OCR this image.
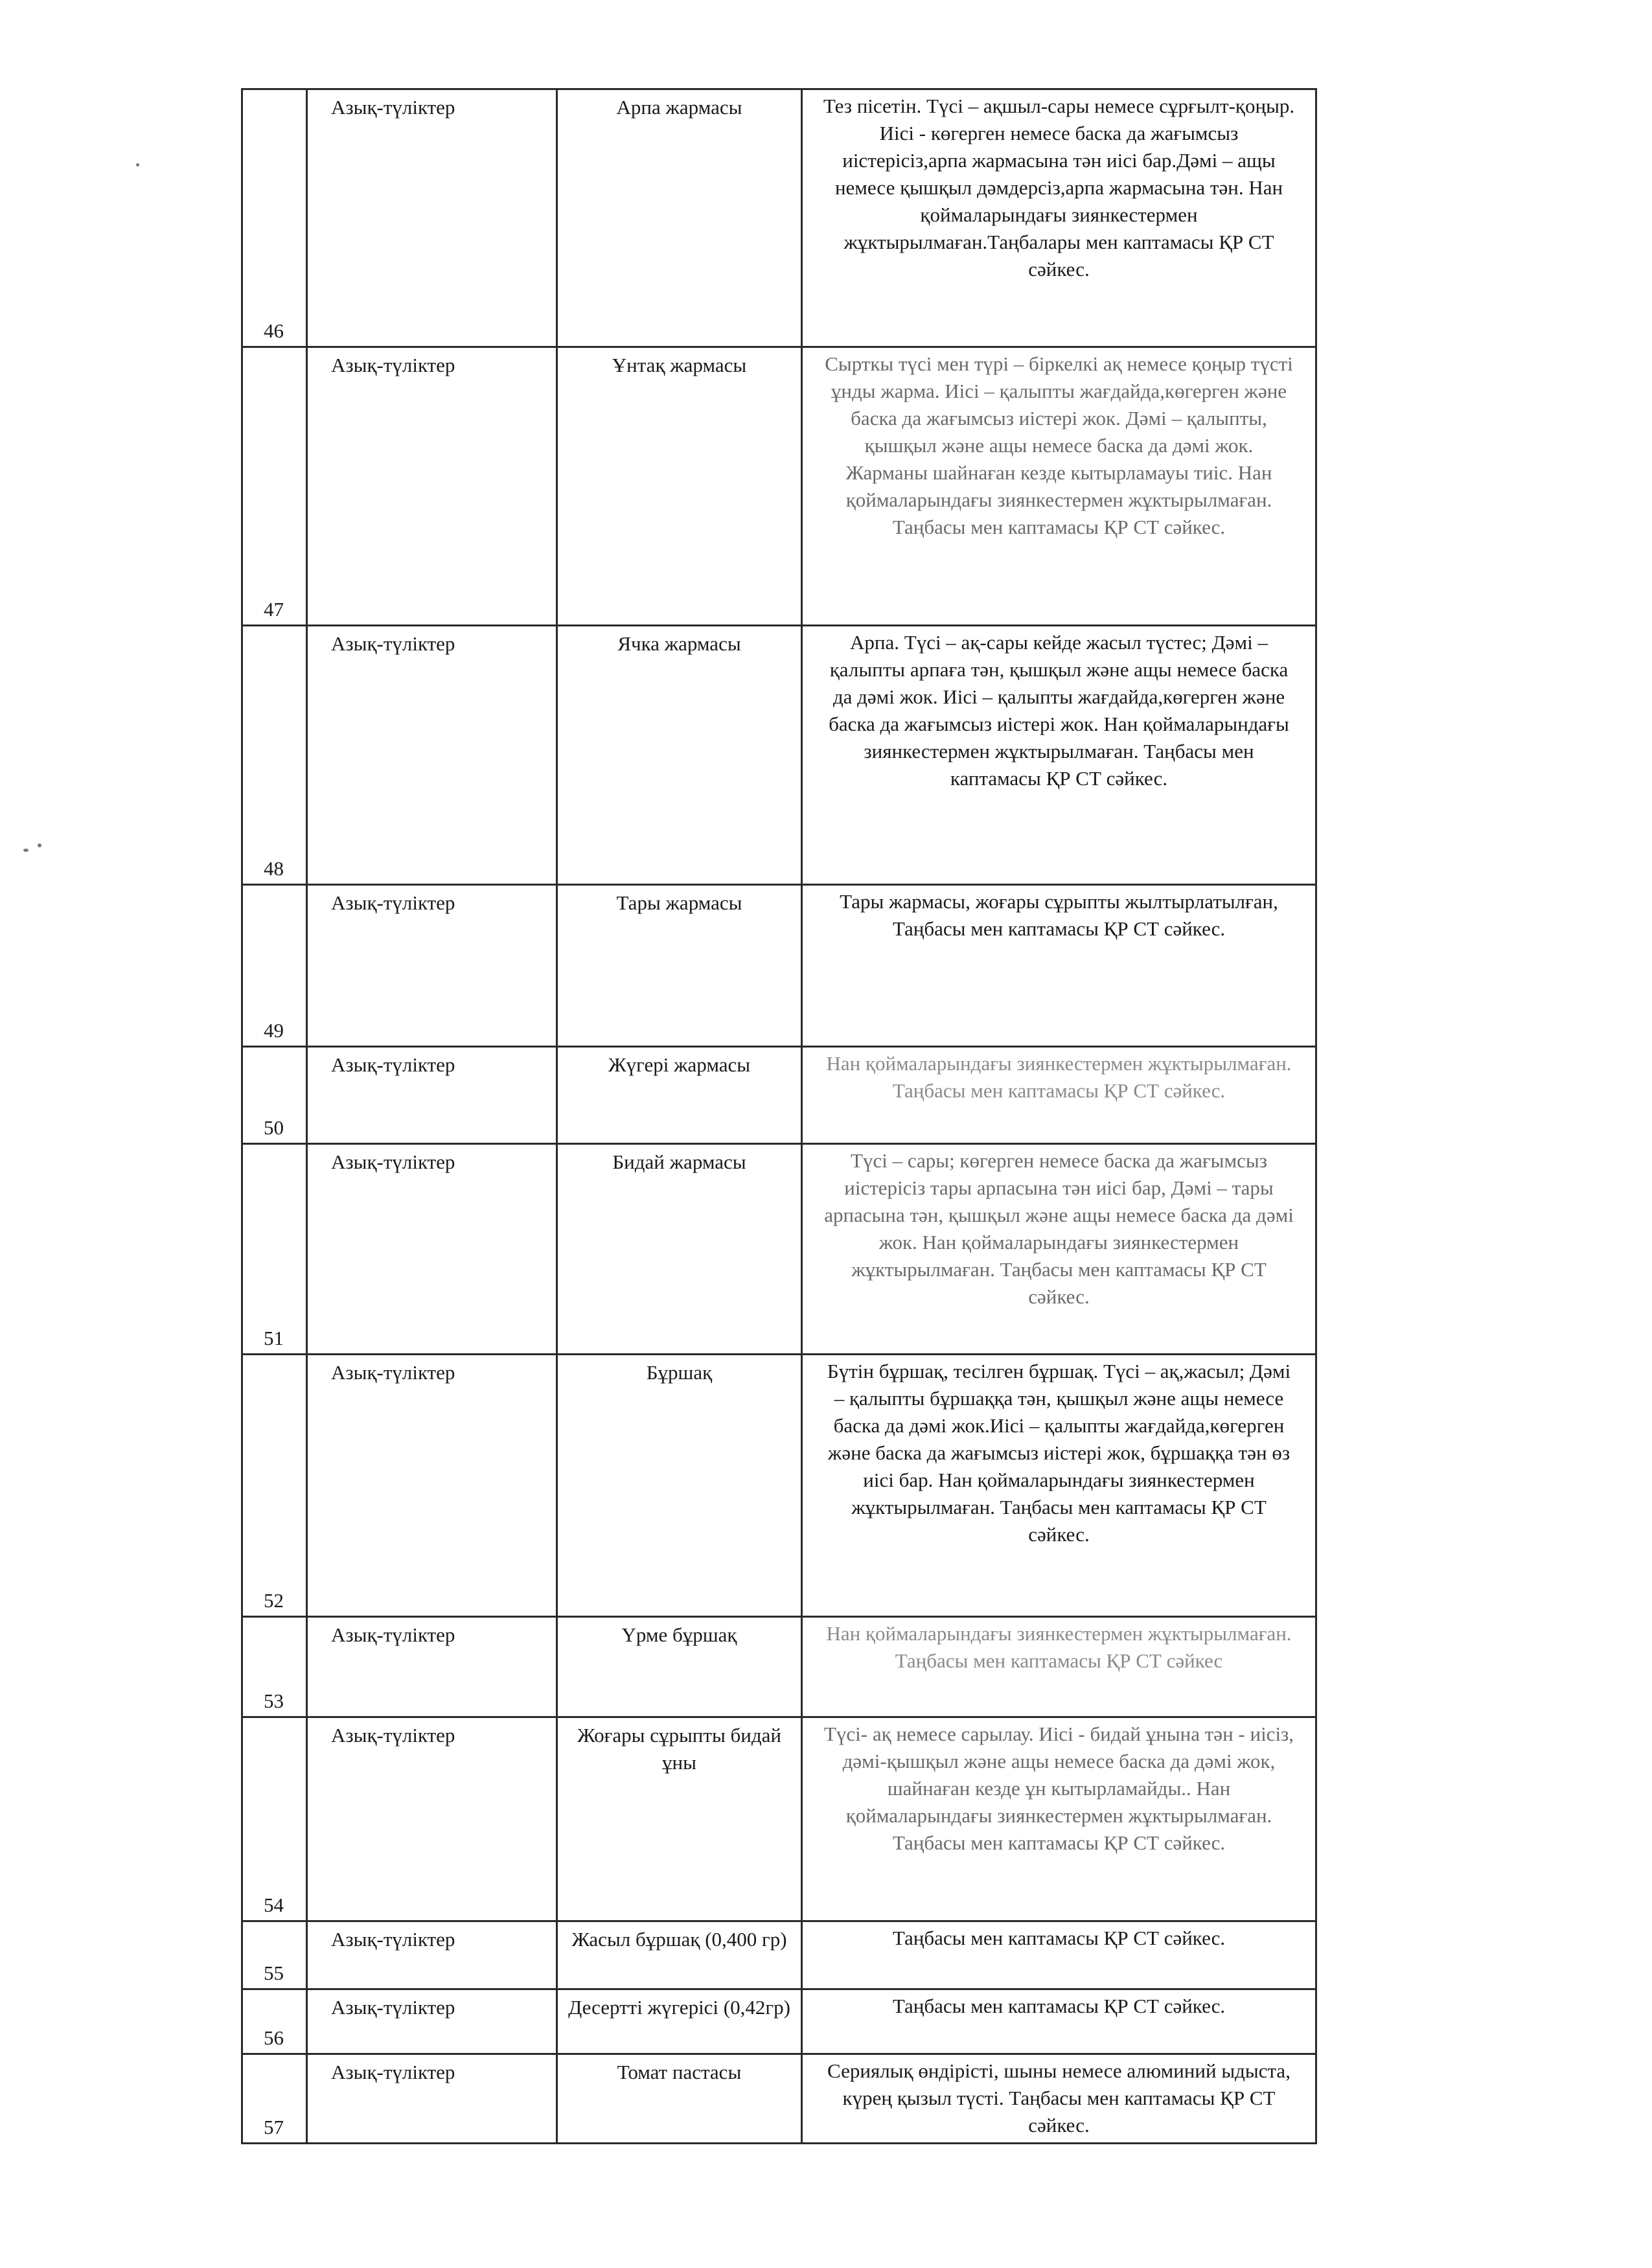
46	Азық-түліктер	Арпа жармасы	Тез пісетін. Түсі – ақшыл-сары немесе сұрғылт-қоңыр. Иісі - көгерген немесе баска да жағымсыз иістерісіз,арпа жармасына тән иісі бар.Дәмі – ащы немесе қышқыл дәмдерсіз,арпа жармасына тән. Нан қоймаларындағы зиянкестермен жұктырылмаған.Таңбалары мен каптамасы ҚР СТ сәйкес.
47	Азық-түліктер	Ұнтақ жармасы	Сырткы түсі мен түрі – біркелкі ақ немесе қоңыр түсті ұнды жарма. Иісі – қалыпты жағдайда,көгерген және баска да жағымсыз иістері жок. Дәмі – қалыпты, қышқыл және ащы немесе баска да дәмі жок. Жарманы шайнаған кезде кытырламауы тиіс. Нан қоймаларындағы зиянкестермен жұктырылмаған. Таңбасы мен каптамасы ҚР СТ сәйкес.
48	Азық-түліктер	Ячка жармасы	Арпа. Түсі – ақ-сары кейде жасыл түстес; Дәмі – қалыпты арпаға тән, қышқыл және ащы немесе баска да дәмі жок. Иісі – қалыпты жағдайда,көгерген және баска да жағымсыз иістері жок. Нан қоймаларындағы зиянкестермен жұктырылмаған. Таңбасы мен каптамасы ҚР СТ сәйкес.
49	Азық-түліктер	Тары жармасы	Тары жармасы, жоғары сұрыпты жылтырлатылған, Таңбасы мен каптамасы ҚР СТ сәйкес.
50	Азық-түліктер	Жүгері жармасы	Нан қоймаларындағы зиянкестермен жұктырылмаған. Таңбасы мен каптамасы ҚР СТ сәйкес.
51	Азық-түліктер	Бидай жармасы	Түсі – сары; көгерген немесе баска да жағымсыз иістерісіз тары арпасына тән иісі бар, Дәмі – тары арпасына тән, қышқыл және ащы немесе баска да дәмі жок. Нан қоймаларындағы зиянкестермен жұктырылмаған. Таңбасы мен каптамасы ҚР СТ сәйкес.
52	Азық-түліктер	Бұршақ	Бүтін бұршақ, тесілген бұршақ. Түсі – ақ,жасыл; Дәмі – қалыпты бұршаққа тән, қышқыл және ащы немесе баска да дәмі жок.Иісі – қалыпты жағдайда,көгерген және баска да жағымсыз иістері жок, бұршаққа тән өз иісі бар. Нан қоймаларындағы зиянкестермен жұктырылмаған. Таңбасы мен каптамасы ҚР СТ сәйкес.
53	Азық-түліктер	Үрме бұршақ	Нан қоймаларындағы зиянкестермен жұктырылмаған. Таңбасы мен каптамасы ҚР СТ сәйкес
54	Азық-түліктер	Жоғары сұрыпты бидай ұны	Түсі- ақ немесе сарылау. Иісі - бидай ұнына тән - иісіз, дәмі-қышқыл және ащы немесе баска да дәмі жок, шайнаған кезде ұн кытырламайды.. Нан қоймаларындағы зиянкестермен жұктырылмаған. Таңбасы мен каптамасы ҚР СТ сәйкес.
55	Азық-түліктер	Жасыл бұршақ (0,400 гр)	Таңбасы мен каптамасы ҚР СТ сәйкес.
56	Азық-түліктер	Десертті жүгерісі (0,42гр)	Таңбасы мен каптамасы ҚР СТ сәйкес.
57	Азық-түліктер	Томат пастасы	Сериялық өндірісті, шыны немесе алюминий ыдыста, күрең қызыл түсті. Таңбасы мен каптамасы ҚР СТ сәйкес.
